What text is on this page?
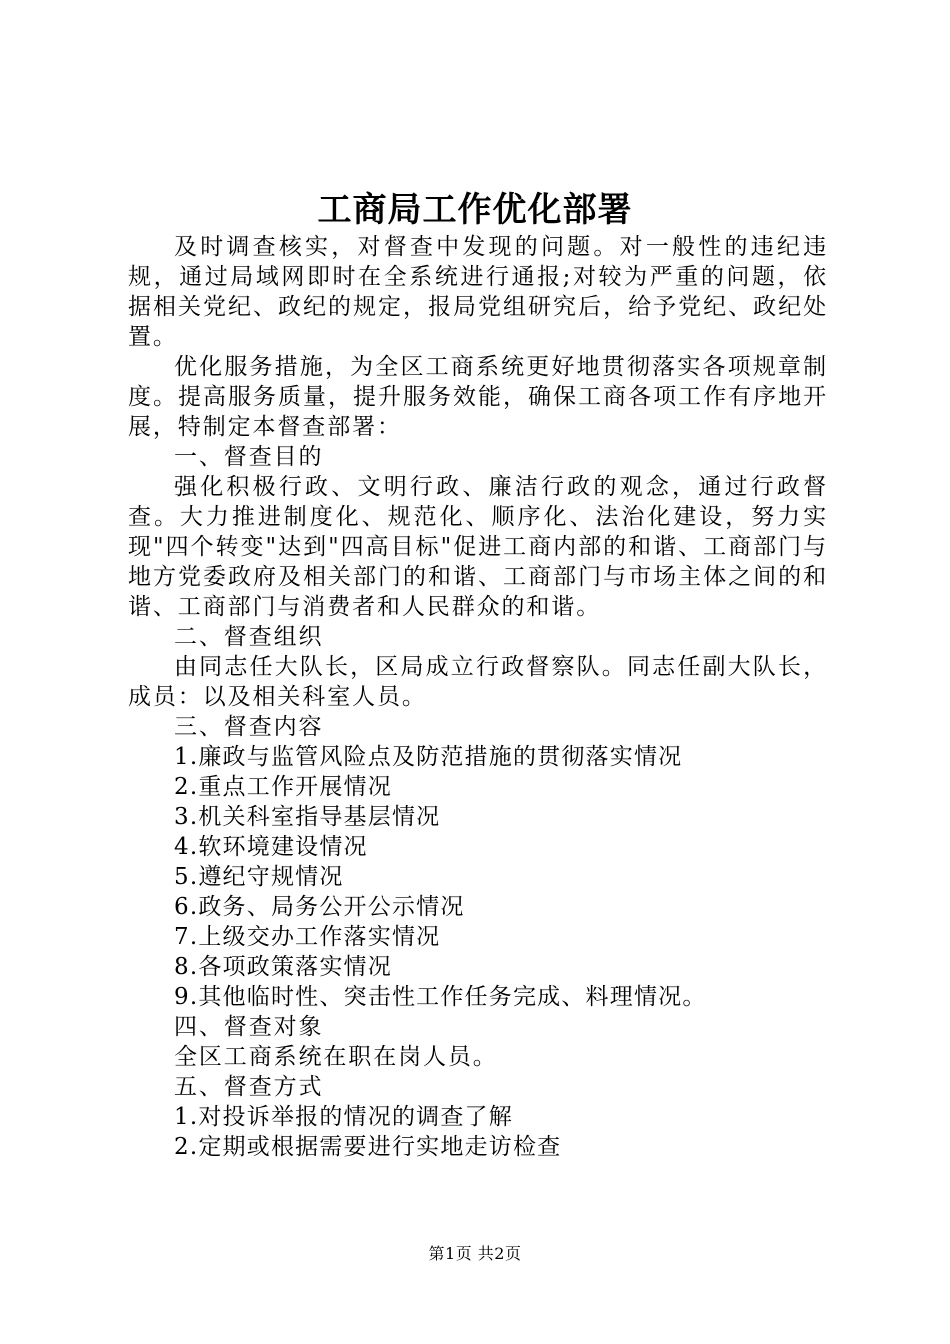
工商局工作优化部署

及时调查核实，对督查中发现的问题。对一般性的违纪违规，通过局域网即时在全系统进行通报;对较为严重的问题，依据相关党纪、政纪的规定，报局党组研究后，给予党纪、政纪处置。

优化服务措施，为全区工商系统更好地贯彻落实各项规章制度。提高服务质量，提升服务效能，确保工商各项工作有序地开展，特制定本督查部署：

一、督查目的

强化积极行政、文明行政、廉洁行政的观念，通过行政督查。大力推进制度化、规范化、顺序化、法治化建设，努力实现"四个转变"达到"四高目标"促进工商内部的和谐、工商部门与地方党委政府及相关部门的和谐、工商部门与市场主体之间的和谐、工商部门与消费者和人民群众的和谐。

二、督查组织

由同志任大队长，区局成立行政督察队。同志任副大队长，成员：以及相关科室人员。

三、督查内容

1.廉政与监管风险点及防范措施的贯彻落实情况

2.重点工作开展情况

3.机关科室指导基层情况

4.软环境建设情况

5.遵纪守规情况

6.政务、局务公开公示情况

7.上级交办工作落实情况

8.各项政策落实情况

9.其他临时性、突击性工作任务完成、料理情况。

四、督查对象

全区工商系统在职在岗人员。

五、督查方式

1.对投诉举报的情况的调查了解

2.定期或根据需要进行实地走访检查

第1页 共2页
